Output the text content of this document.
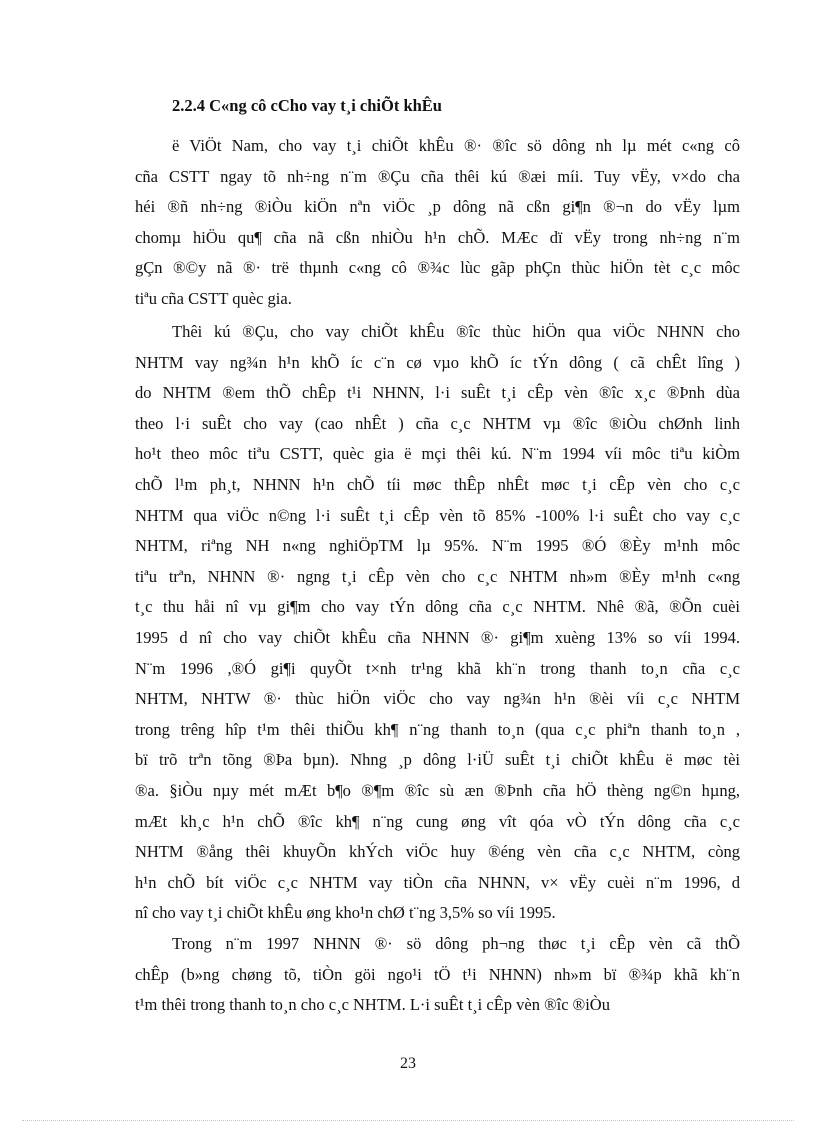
2.2.4 C«ng cô cCho vay t¸i chiÕt khÊu
ë ViÖt Nam, cho vay t¸i chiÕt khÊu ®· ®îc sö dông nh lµ mét c«ng cô
cña CSTT ngay tõ nh÷ng n¨m ®Çu cña thêi kú ®æi míi. Tuy vËy, v×do cha
héi ®ñ nh÷ng ®iÒu kiÖn nªn viÖc ¸p dông nã cßn gi¶n ®¬n do vËy lµm
chomµ hiÖu qu¶ cña nã cßn nhiÒu h¹n chÕ. MÆc dï vËy trong nh÷ng n¨m
gÇn ®©y nã ®· trë thµnh c«ng cô ®¾c lùc gãp phÇn thùc hiÖn tèt c¸c môc
tiªu cña CSTT quèc gia.
Thêi kú ®Çu, cho vay chiÕt khÊu ®îc thùc hiÖn qua viÖc NHNN cho
NHTM vay ng¾n h¹n khÕ íc c¨n cø vµo khÕ íc tÝn dông ( cã chÊt lîng )
do NHTM ®em thÕ chÊp t¹i NHNN, l·i suÊt t¸i cÊp vèn ®îc x¸c ®Þnh dùa
theo l·i suÊt cho vay (cao nhÊt ) cña c¸c NHTM vµ ®îc ®iÒu chØnh linh
ho¹t theo môc tiªu CSTT, quèc gia ë mçi thêi kú. N¨m 1994 víi môc tiªu kiÒm
chÕ l¹m ph¸t, NHNN h¹n chÕ tíi møc thÊp nhÊt møc t¸i cÊp vèn cho c¸c
NHTM qua viÖc n©ng l·i suÊt t¸i cÊp vèn tõ 85% -100% l·i suÊt cho vay c¸c
NHTM, riªng NH n«ng nghiÖpTM lµ 95%. N¨m 1995 ®Ó ®Èy m¹nh môc
tiªu trªn, NHNN ®· ngng t¸i cÊp vèn cho c¸c NHTM nh»m ®Èy m¹nh c«ng
t¸c thu håi nî vµ gi¶m cho vay tÝn dông cña c¸c NHTM. Nhê ®ã, ®Õn cuèi
1995 d nî cho vay chiÕt khÊu cña NHNN ®· gi¶m xuèng 13% so víi 1994.
N¨m 1996 ,®Ó gi¶i quyÕt t×nh tr¹ng khã kh¨n trong thanh to¸n cña c¸c
NHTM, NHTW ®· thùc hiÖn viÖc cho vay ng¾n h¹n ®èi víi c¸c NHTM
trong trêng hîp t¹m thêi thiÕu kh¶ n¨ng thanh to¸n (qua c¸c phiªn thanh to¸n ,
bï trõ trªn tõng ®Þa bµn). Nhng ¸p dông l·iÜ suÊt t¸i chiÕt khÊu ë møc tèi
®a. §iÒu nµy mét mÆt b¶o ®¶m ®îc sù æn ®Þnh cña hÖ thèng ng©n hµng,
mÆt kh¸c h¹n chÕ ®îc kh¶ n¨ng cung øng vît qóa vÒ tÝn dông cña c¸c
NHTM ®ång thêi khuyÕn khÝch viÖc huy ®éng vèn cña c¸c NHTM, còng
h¹n chÕ bít viÖc c¸c NHTM vay tiÒn cña NHNN, v× vËy cuèi n¨m 1996, d
nî cho vay t¸i chiÕt khÊu øng kho¹n chØ t¨ng 3,5% so víi 1995.
Trong n¨m 1997 NHNN ®· sö dông ph¬ng thøc t¸i cÊp vèn cã thÕ
chÊp (b»ng chøng tõ, tiÒn göi ngo¹i tÖ t¹i NHNN) nh»m bï ®¾p khã kh¨n
t¹m thêi trong thanh to¸n cho c¸c NHTM. L·i suÊt t¸i cÊp vèn ®îc ®iÒu
23
